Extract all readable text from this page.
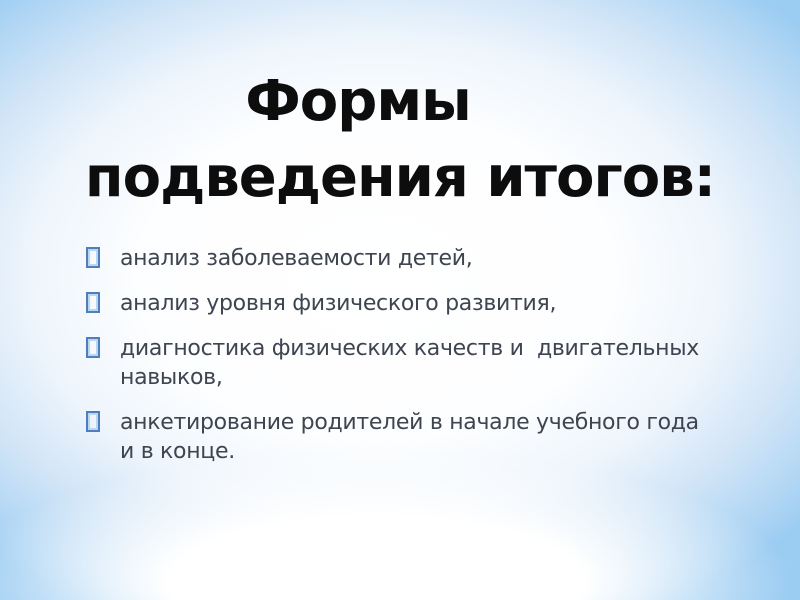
Формы
подведения итогов:
анализ заболеваемости детей,
анализ уровня физического развития,
диагностика физических качеств и  двигательных навыков,
анкетирование родителей в начале учебного года и в конце.
